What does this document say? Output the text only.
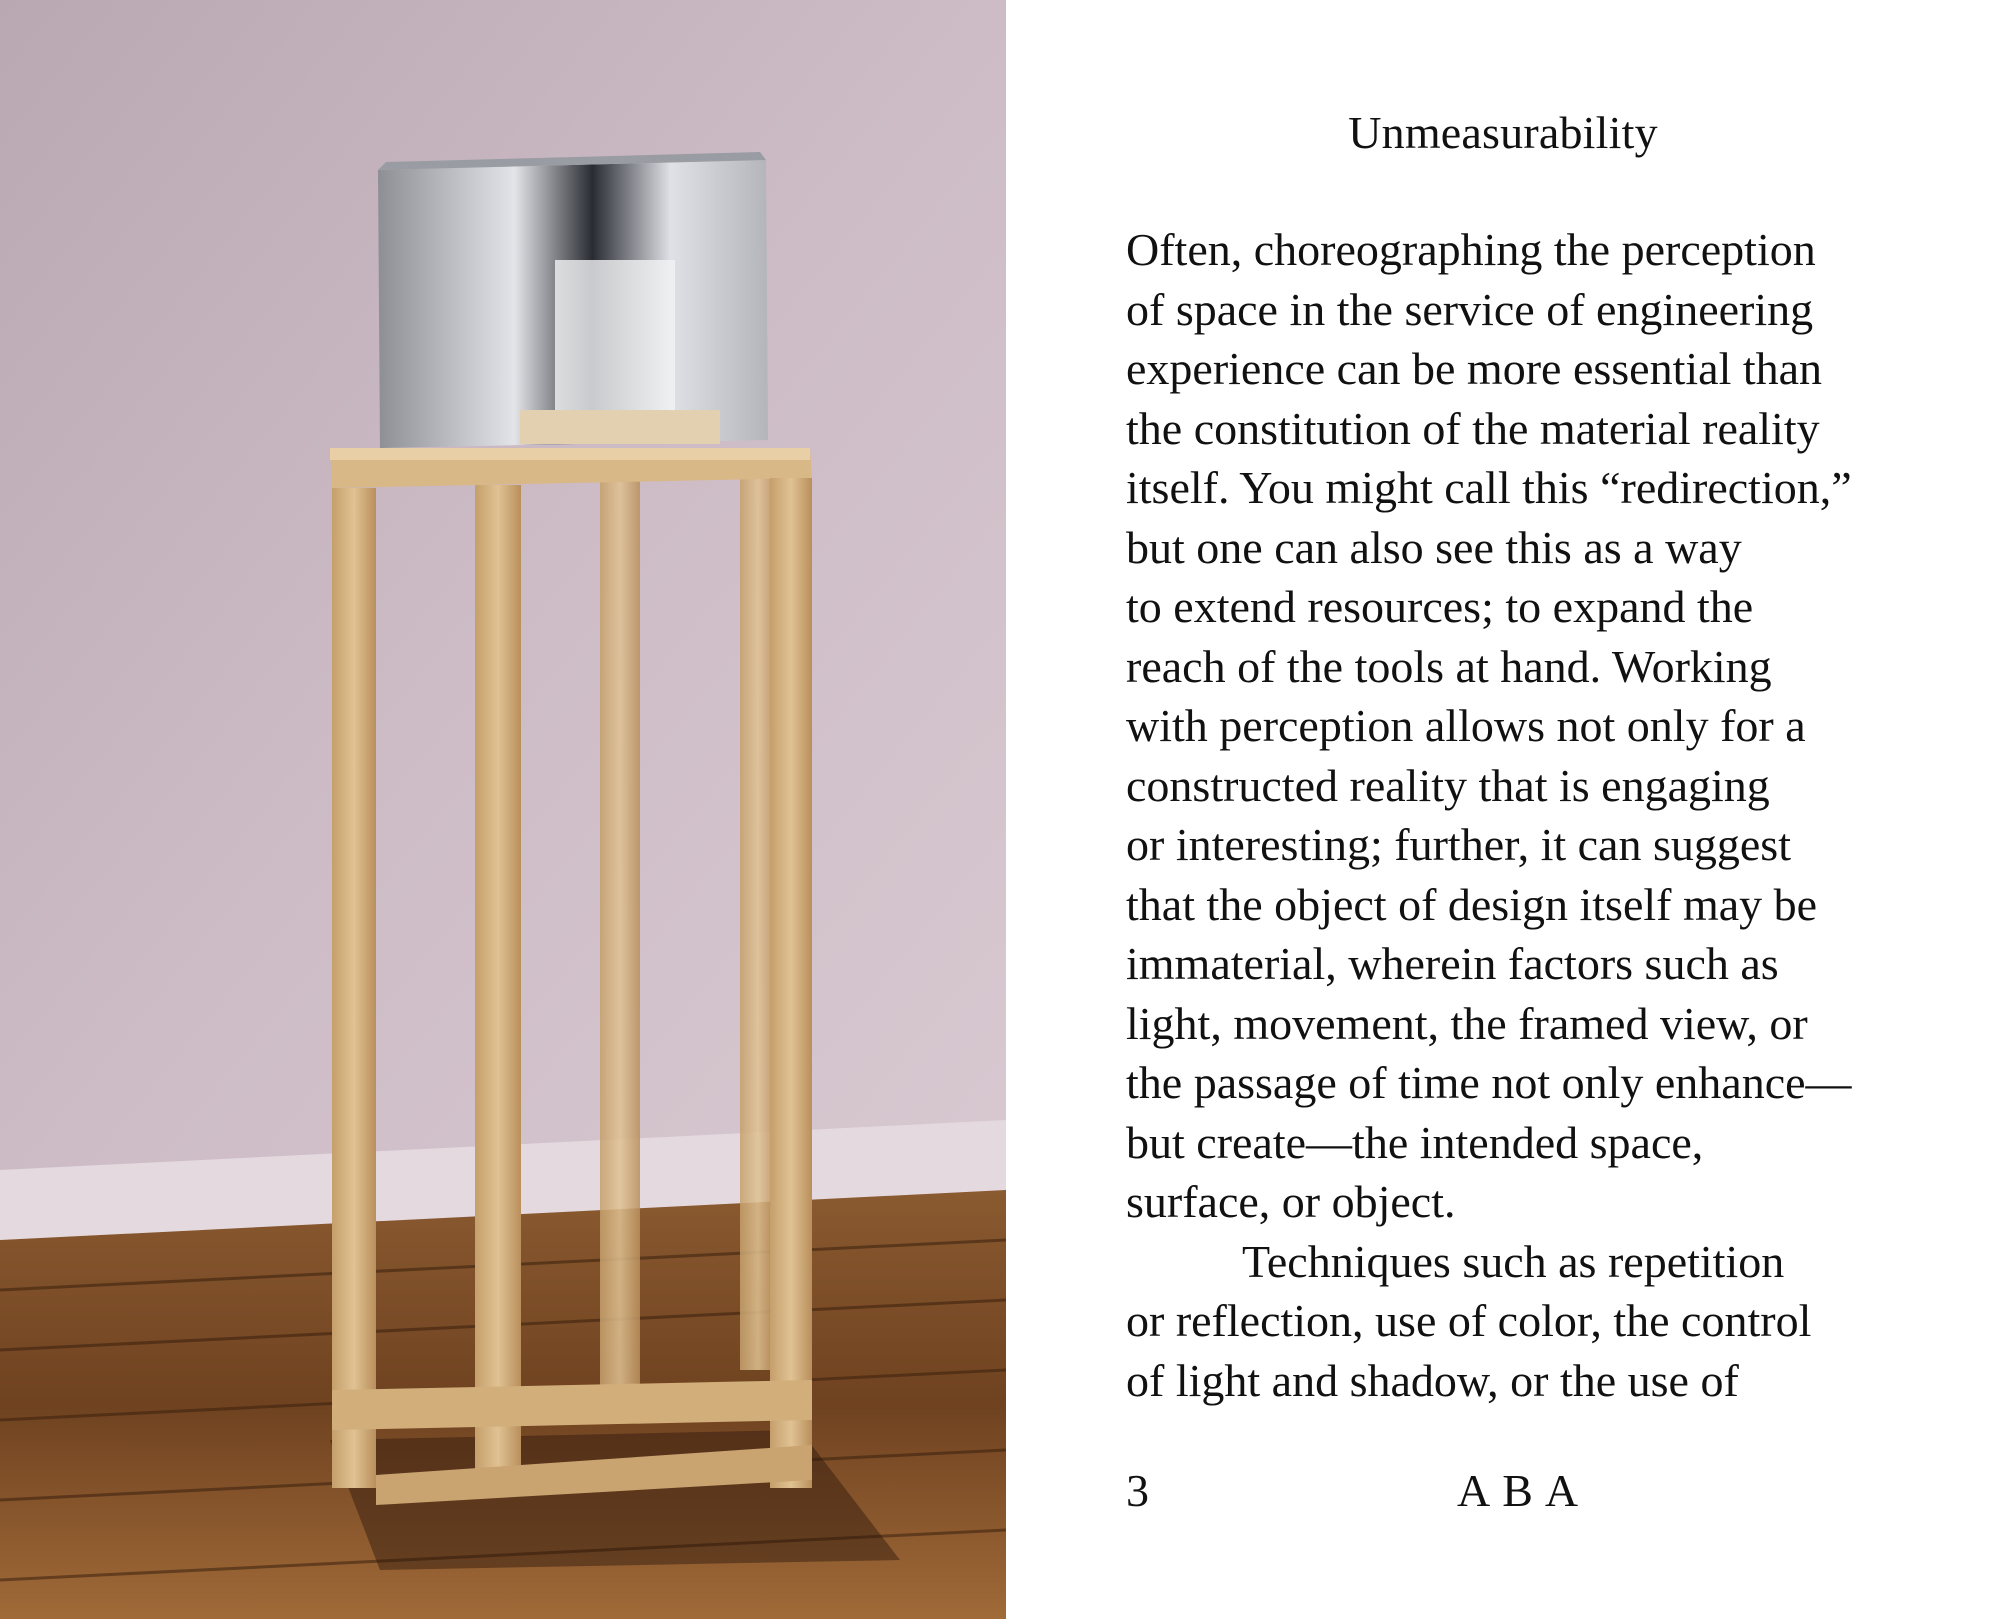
Unmeasurability
Often, choreographing the perception
of space in the service of engineering
experience can be more essential than
the constitution of the material reality
itself. You might call this “redirection,”
but one can also see this as a way
to extend resources; to expand the
reach of the tools at hand. Working
with perception allows not only for a
constructed reality that is engaging
or interesting; further, it can suggest
that the object of design itself may be
immaterial, wherein factors such as
light, movement, the framed view, or
the passage of time not only enhance—
but create—the intended space,
surface, or object.
Techniques such as repetition
or reflection, use of color, the control
of light and shadow, or the use of
3	ABA
